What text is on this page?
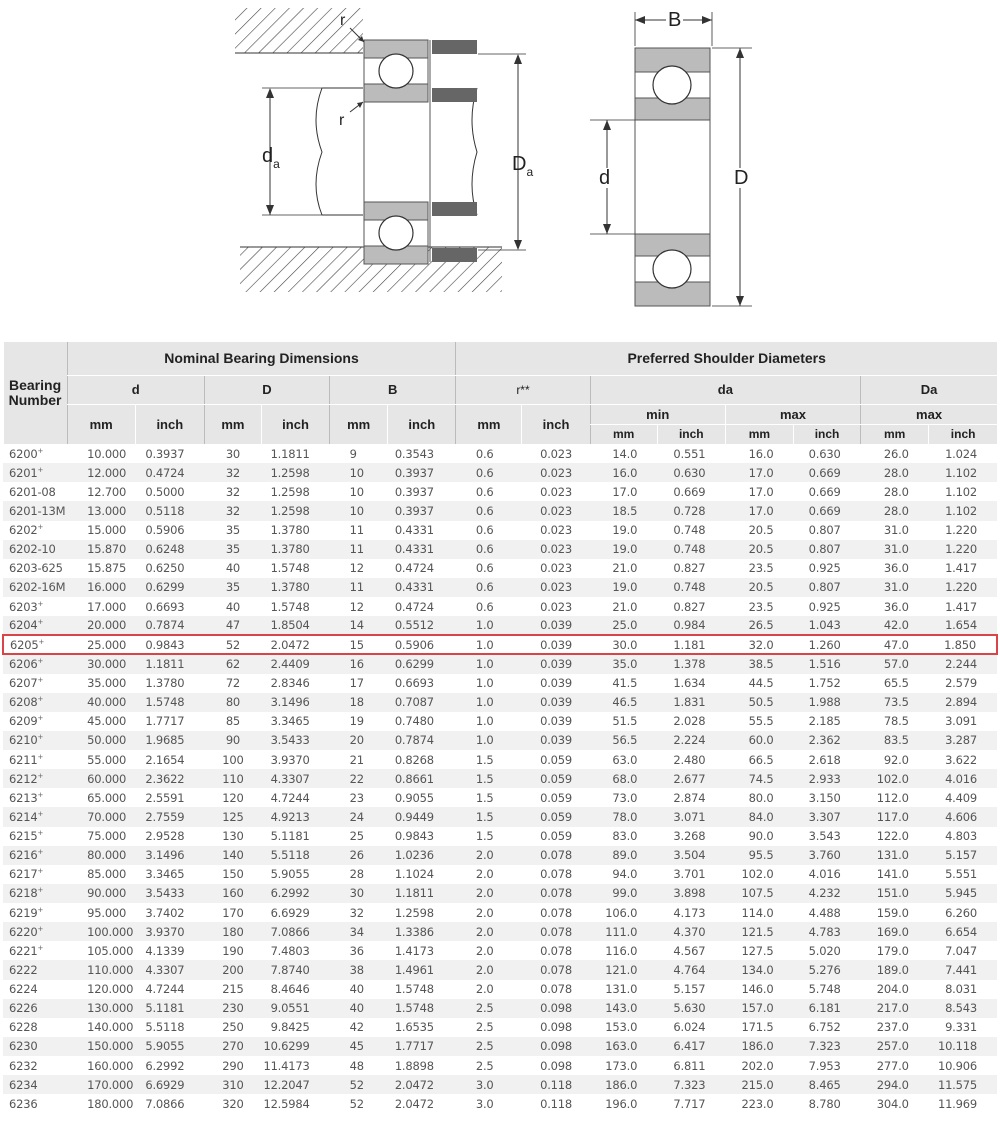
r
r
$d_a$	$D_a$
B
d	D
Bearing Number	Nominal Bearing Dimensions						Preferred Shoulder Diameters							
	d		D		B		r**		da				Da	
	mm	inch	mm	inch	mm	inch	mm	inch	min		max		max	
									mm	inch	mm	inch	mm	inch
6200+	10.000	0.3937	30	1.1811	9	0.3543	0.6	0.023	14.0	0.551	16.0	0.630	26.0	1.024
6201+	12.000	0.4724	32	1.2598	10	0.3937	0.6	0.023	16.0	0.630	17.0	0.669	28.0	1.102
6201-08	12.700	0.5000	32	1.2598	10	0.3937	0.6	0.023	17.0	0.669	17.0	0.669	28.0	1.102
6201-13M	13.000	0.5118	32	1.2598	10	0.3937	0.6	0.023	18.5	0.728	17.0	0.669	28.0	1.102
6202+	15.000	0.5906	35	1.3780	11	0.4331	0.6	0.023	19.0	0.748	20.5	0.807	31.0	1.220
6202-10	15.870	0.6248	35	1.3780	11	0.4331	0.6	0.023	19.0	0.748	20.5	0.807	31.0	1.220
6203-625	15.875	0.6250	40	1.5748	12	0.4724	0.6	0.023	21.0	0.827	23.5	0.925	36.0	1.417
6202-16M	16.000	0.6299	35	1.3780	11	0.4331	0.6	0.023	19.0	0.748	20.5	0.807	31.0	1.220
6203+	17.000	0.6693	40	1.5748	12	0.4724	0.6	0.023	21.0	0.827	23.5	0.925	36.0	1.417
6204+	20.000	0.7874	47	1.8504	14	0.5512	1.0	0.039	25.0	0.984	26.5	1.043	42.0	1.654
6205+	25.000	0.9843	52	2.0472	15	0.5906	1.0	0.039	30.0	1.181	32.0	1.260	47.0	1.850
6206+	30.000	1.1811	62	2.4409	16	0.6299	1.0	0.039	35.0	1.378	38.5	1.516	57.0	2.244
6207+	35.000	1.3780	72	2.8346	17	0.6693	1.0	0.039	41.5	1.634	44.5	1.752	65.5	2.579
6208+	40.000	1.5748	80	3.1496	18	0.7087	1.0	0.039	46.5	1.831	50.5	1.988	73.5	2.894
6209+	45.000	1.7717	85	3.3465	19	0.7480	1.0	0.039	51.5	2.028	55.5	2.185	78.5	3.091
6210+	50.000	1.9685	90	3.5433	20	0.7874	1.0	0.039	56.5	2.224	60.0	2.362	83.5	3.287
6211+	55.000	2.1654	100	3.9370	21	0.8268	1.5	0.059	63.0	2.480	66.5	2.618	92.0	3.622
6212+	60.000	2.3622	110	4.3307	22	0.8661	1.5	0.059	68.0	2.677	74.5	2.933	102.0	4.016
6213+	65.000	2.5591	120	4.7244	23	0.9055	1.5	0.059	73.0	2.874	80.0	3.150	112.0	4.409
6214+	70.000	2.7559	125	4.9213	24	0.9449	1.5	0.059	78.0	3.071	84.0	3.307	117.0	4.606
6215+	75.000	2.9528	130	5.1181	25	0.9843	1.5	0.059	83.0	3.268	90.0	3.543	122.0	4.803
6216+	80.000	3.1496	140	5.5118	26	1.0236	2.0	0.078	89.0	3.504	95.5	3.760	131.0	5.157
6217+	85.000	3.3465	150	5.9055	28	1.1024	2.0	0.078	94.0	3.701	102.0	4.016	141.0	5.551
6218+	90.000	3.5433	160	6.2992	30	1.1811	2.0	0.078	99.0	3.898	107.5	4.232	151.0	5.945
6219+	95.000	3.7402	170	6.6929	32	1.2598	2.0	0.078	106.0	4.173	114.0	4.488	159.0	6.260
6220+	100.000	3.9370	180	7.0866	34	1.3386	2.0	0.078	111.0	4.370	121.5	4.783	169.0	6.654
6221+	105.000	4.1339	190	7.4803	36	1.4173	2.0	0.078	116.0	4.567	127.5	5.020	179.0	7.047
6222	110.000	4.3307	200	7.8740	38	1.4961	2.0	0.078	121.0	4.764	134.0	5.276	189.0	7.441
6224	120.000	4.7244	215	8.4646	40	1.5748	2.0	0.078	131.0	5.157	146.0	5.748	204.0	8.031
6226	130.000	5.1181	230	9.0551	40	1.5748	2.5	0.098	143.0	5.630	157.0	6.181	217.0	8.543
6228	140.000	5.5118	250	9.8425	42	1.6535	2.5	0.098	153.0	6.024	171.5	6.752	237.0	9.331
6230	150.000	5.9055	270	10.6299	45	1.7717	2.5	0.098	163.0	6.417	186.0	7.323	257.0	10.118
6232	160.000	6.2992	290	11.4173	48	1.8898	2.5	0.098	173.0	6.811	202.0	7.953	277.0	10.906
6234	170.000	6.6929	310	12.2047	52	2.0472	3.0	0.118	186.0	7.323	215.0	8.465	294.0	11.575
6236	180.000	7.0866	320	12.5984	52	2.0472	3.0	0.118	196.0	7.717	223.0	8.780	304.0	11.969
